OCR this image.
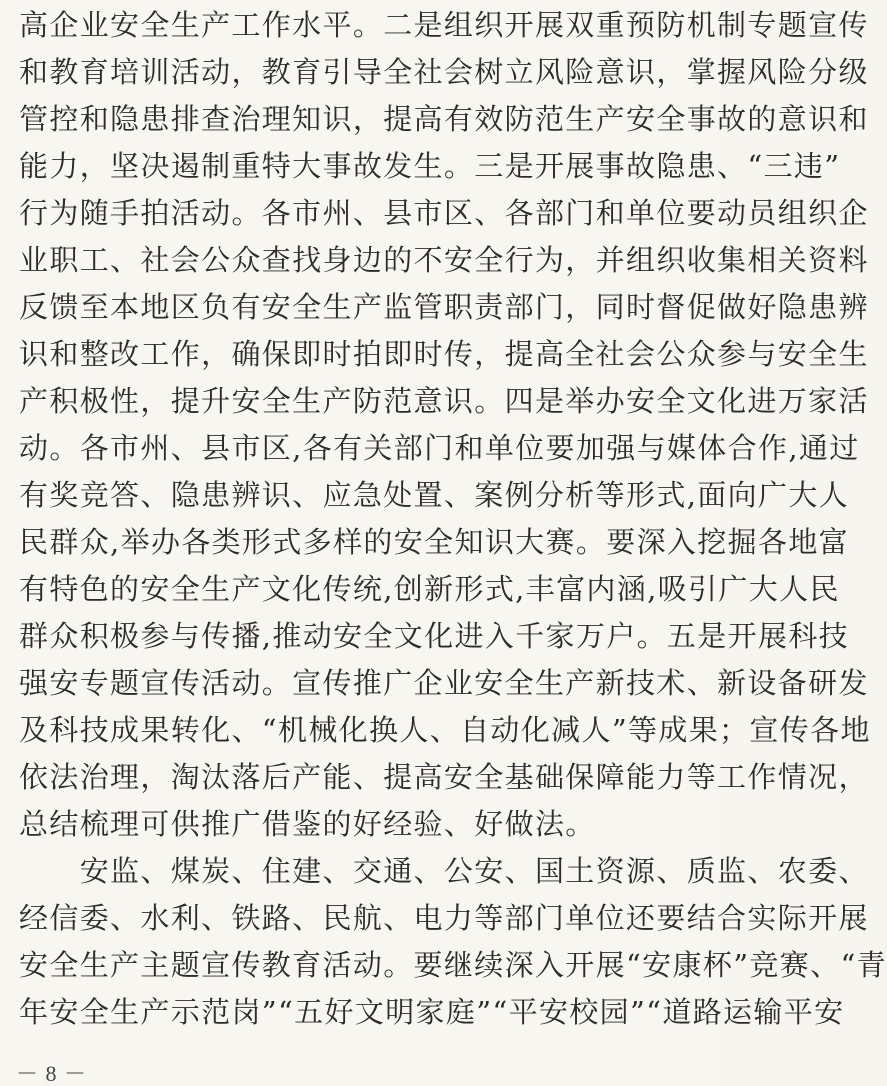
高企业安全生产工作水平。二是组织开展双重预防机制专题宣传
和教育培训活动，教育引导全社会树立风险意识，掌握风险分级
管控和隐患排查治理知识，提高有效防范生产安全事故的意识和
能力，坚决遏制重特大事故发生。三是开展事故隐患、“三违”
行为随手拍活动。各市州、县市区、各部门和单位要动员组织企
业职工、社会公众查找身边的不安全行为，并组织收集相关资料
反馈至本地区负有安全生产监管职责部门，同时督促做好隐患辨
识和整改工作，确保即时拍即时传，提高全社会公众参与安全生
产积极性，提升安全生产防范意识。四是举办安全文化进万家活
动。各市州、县市区,各有关部门和单位要加强与媒体合作,通过
有奖竞答、隐患辨识、应急处置、案例分析等形式,面向广大人
民群众,举办各类形式多样的安全知识大赛。要深入挖掘各地富
有特色的安全生产文化传统,创新形式,丰富内涵,吸引广大人民
群众积极参与传播,推动安全文化进入千家万户。五是开展科技
强安专题宣传活动。宣传推广企业安全生产新技术、新设备研发
及科技成果转化、“机械化换人、自动化减人”等成果；宣传各地
依法治理，淘汰落后产能、提高安全基础保障能力等工作情况，
总结梳理可供推广借鉴的好经验、好做法。
　　安监、煤炭、住建、交通、公安、国土资源、质监、农委、
经信委、水利、铁路、民航、电力等部门单位还要结合实际开展
安全生产主题宣传教育活动。要继续深入开展“安康杯”竞赛、“青
年安全生产示范岗”“五好文明家庭”“平安校园”“道路运输平安
－ 8 －
